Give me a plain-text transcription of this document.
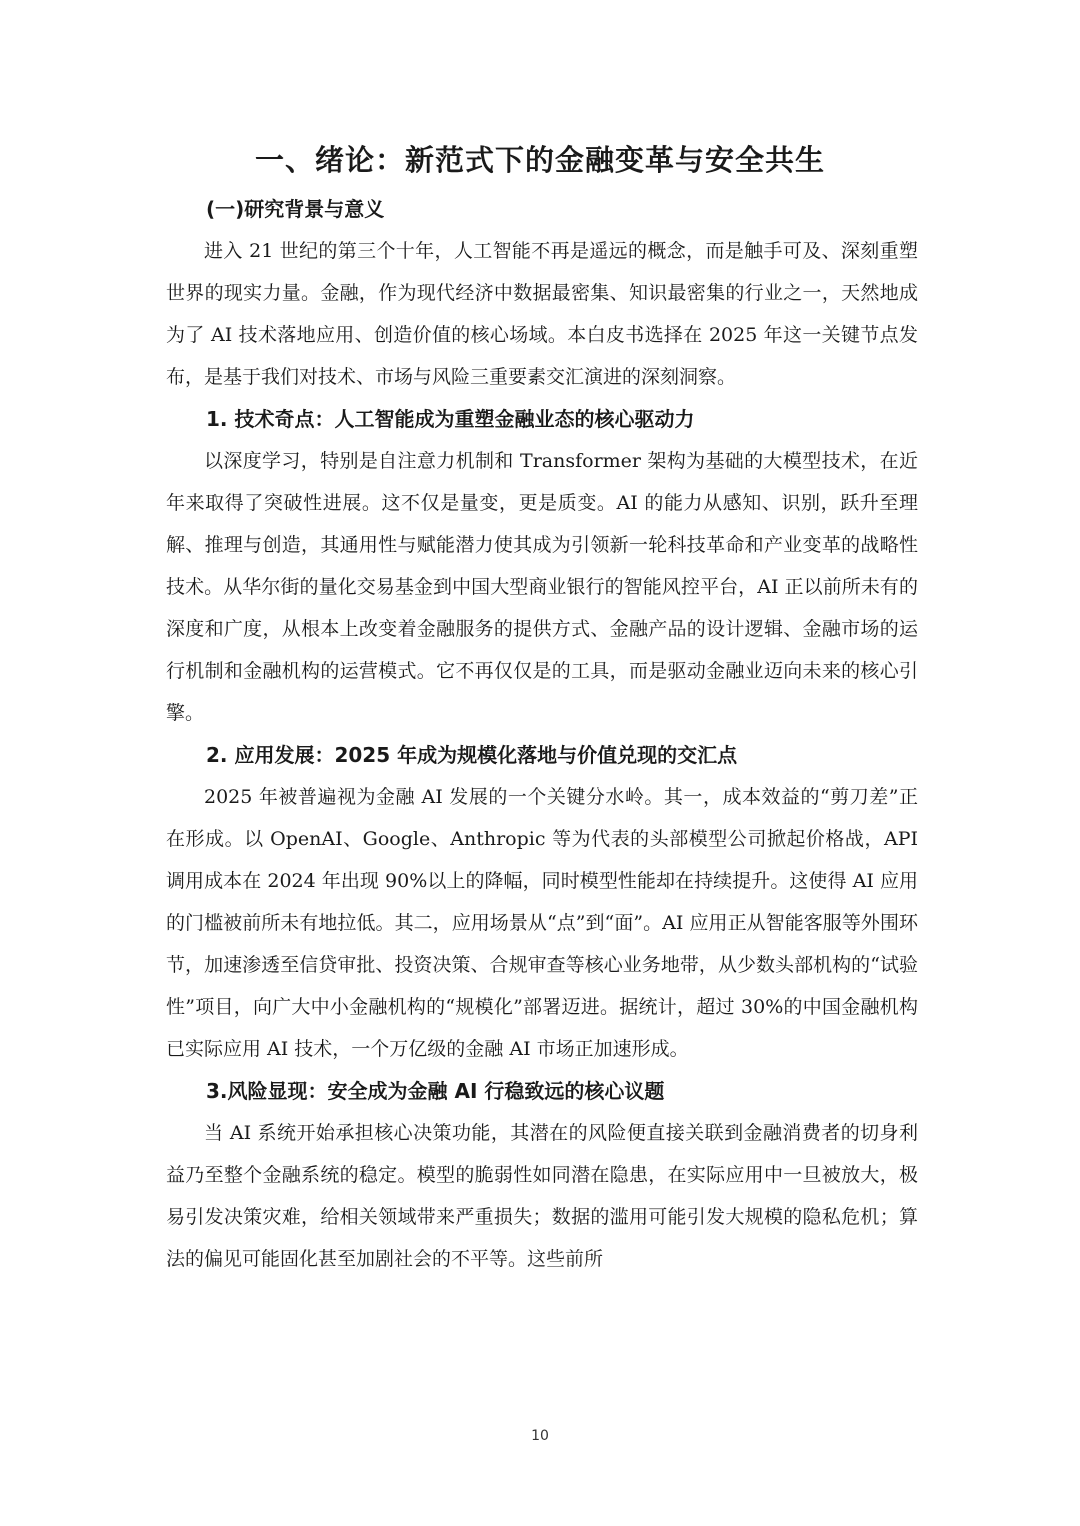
一、绪论：新范式下的金融变革与安全共生
(一)研究背景与意义

进入 21 世纪的第三个十年，人工智能不再是遥远的概念，而是触手可及、深刻重塑世界的现实力量。金融，作为现代经济中数据最密集、知识最密集的行业之一，天然地成为了 AI 技术落地应用、创造价值的核心场域。本白皮书选择在 2025 年这一关键节点发布，是基于我们对技术、市场与风险三重要素交汇演进的深刻洞察。

1. 技术奇点：人工智能成为重塑金融业态的核心驱动力

以深度学习，特别是自注意力机制和 Transformer 架构为基础的大模型技术，在近年来取得了突破性进展。这不仅是量变，更是质变。AI 的能力从感知、识别，跃升至理解、推理与创造，其通用性与赋能潜力使其成为引领新一轮科技革命和产业变革的战略性技术。从华尔街的量化交易基金到中国大型商业银行的智能风控平台，AI 正以前所未有的深度和广度，从根本上改变着金融服务的提供方式、金融产品的设计逻辑、金融市场的运行机制和金融机构的运营模式。它不再仅仅是的工具，而是驱动金融业迈向未来的核心引擎。

2. 应用发展：2025 年成为规模化落地与价值兑现的交汇点

2025 年被普遍视为金融 AI 发展的一个关键分水岭。其一，成本效益的“剪刀差”正在形成。以 OpenAI、Google、Anthropic 等为代表的头部模型公司掀起价格战，API 调用成本在 2024 年出现 90%以上的降幅，同时模型性能却在持续提升。这使得 AI 应用的门槛被前所未有地拉低。其二，应用场景从“点”到“面”。AI 应用正从智能客服等外围环节，加速渗透至信贷审批、投资决策、合规审查等核心业务地带，从少数头部机构的“试验性”项目，向广大中小金融机构的“规模化”部署迈进。据统计，超过 30%的中国金融机构已实际应用 AI 技术，一个万亿级的金融 AI 市场正加速形成。

3.风险显现：安全成为金融 AI 行稳致远的核心议题

当 AI 系统开始承担核心决策功能，其潜在的风险便直接关联到金融消费者的切身利益乃至整个金融系统的稳定。模型的脆弱性如同潜在隐患，在实际应用中一旦被放大，极易引发决策灾难，给相关领域带来严重损失；数据的滥用可能引发大规模的隐私危机；算法的偏见可能固化甚至加剧社会的不平等。这些前所

10
